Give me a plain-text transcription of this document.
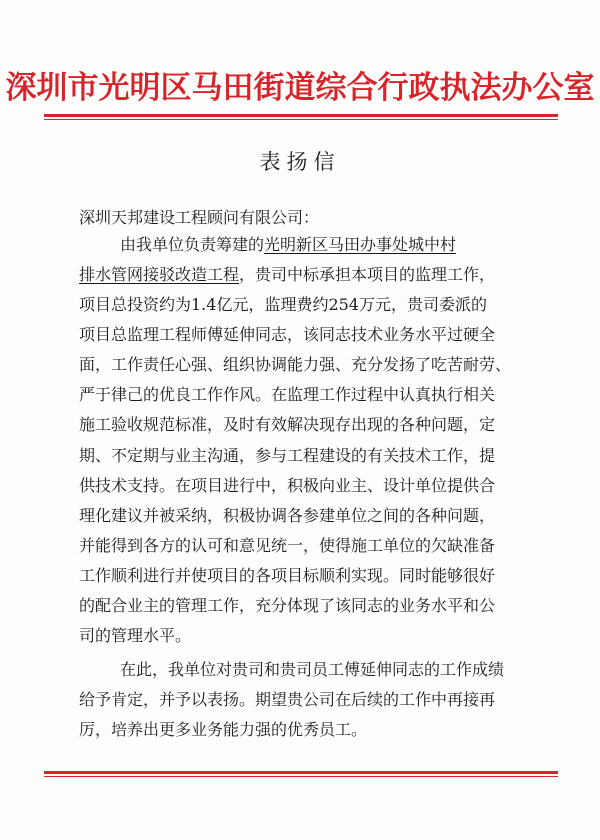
深圳市光明区马田街道综合行政执法办公室
表扬信
深圳天邦建设工程顾问有限公司：
由我单位负责筹建的光明新区马田办事处城中村
排水管网接驳改造工程，贵司中标承担本项目的监理工作，
项目总投资约为1.4亿元，监理费约254万元，贵司委派的
项目总监理工程师傅延伸同志，该同志技术业务水平过硬全
面，工作责任心强、组织协调能力强、充分发扬了吃苦耐劳、
严于律己的优良工作作风。在监理工作过程中认真执行相关
施工验收规范标准，及时有效解决现存出现的各种问题，定
期、不定期与业主沟通，参与工程建设的有关技术工作，提
供技术支持。在项目进行中，积极向业主、设计单位提供合
理化建议并被采纳，积极协调各参建单位之间的各种问题，
并能得到各方的认可和意见统一，使得施工单位的欠缺准备
工作顺利进行并使项目的各项目标顺利实现。同时能够很好
的配合业主的管理工作，充分体现了该同志的业务水平和公
司的管理水平。
在此，我单位对贵司和贵司员工傅延伸同志的工作成绩
给予肯定，并予以表扬。期望贵公司在后续的工作中再接再
厉，培养出更多业务能力强的优秀员工。
